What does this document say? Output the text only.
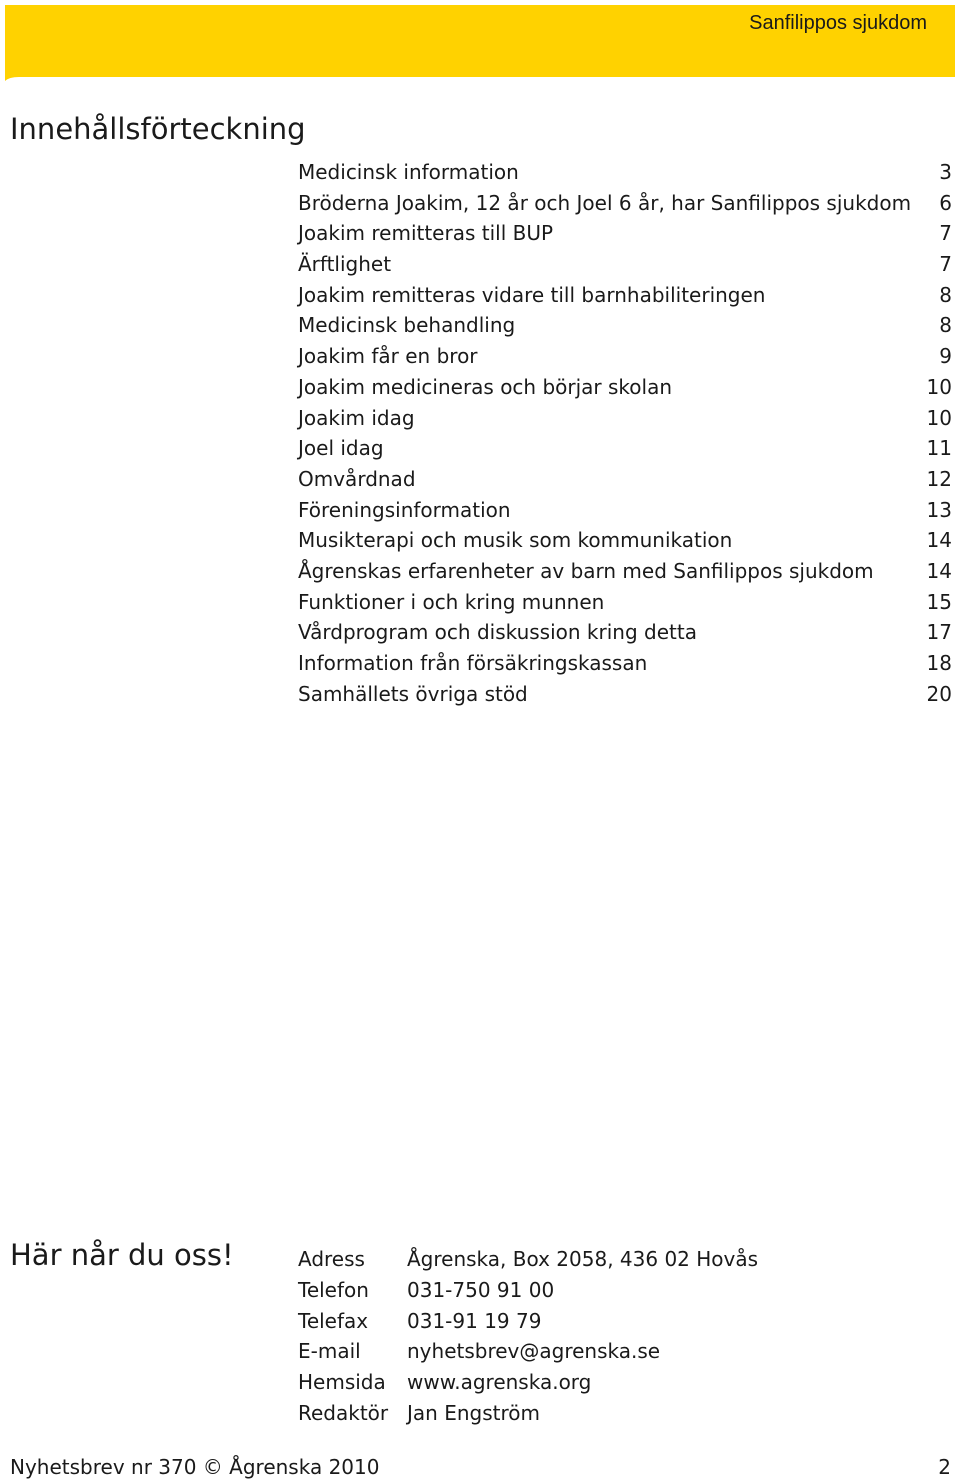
Sanfilippos sjukdom
Innehållsförteckning
Medicinsk information	3
Bröderna Joakim, 12 år och Joel 6 år, har Sanfilippos sjukdom 6
Joakim remitteras till BUP	7
Ärftlighet	7
Joakim remitteras vidare till barnhabiliteringen	8
Medicinsk behandling	8
Joakim får en bror	9
Joakim medicineras och börjar skolan	10
Joakim idag	10
Joel idag	11
Omvårdnad	12
Föreningsinformation	13
Musikterapi och musik som kommunikation	14
Ågrenskas erfarenheter av barn med Sanfilippos sjukdom	14
Funktioner i och kring munnen	15
Vårdprogram och diskussion kring detta	17
Information från försäkringskassan	18
Samhällets övriga stöd	20
Här når du oss!	Adress	Ågrenska, Box 2058, 436 02 Hovås
Telefon	031-750 91 00
Telefax	031-91 19 79
E-mail	nyhetsbrev@agrenska.se
Hemsida	www.agrenska.org
Redaktör Jan Engström
Nyhetsbrev nr 370 © Ågrenska 2010	2
